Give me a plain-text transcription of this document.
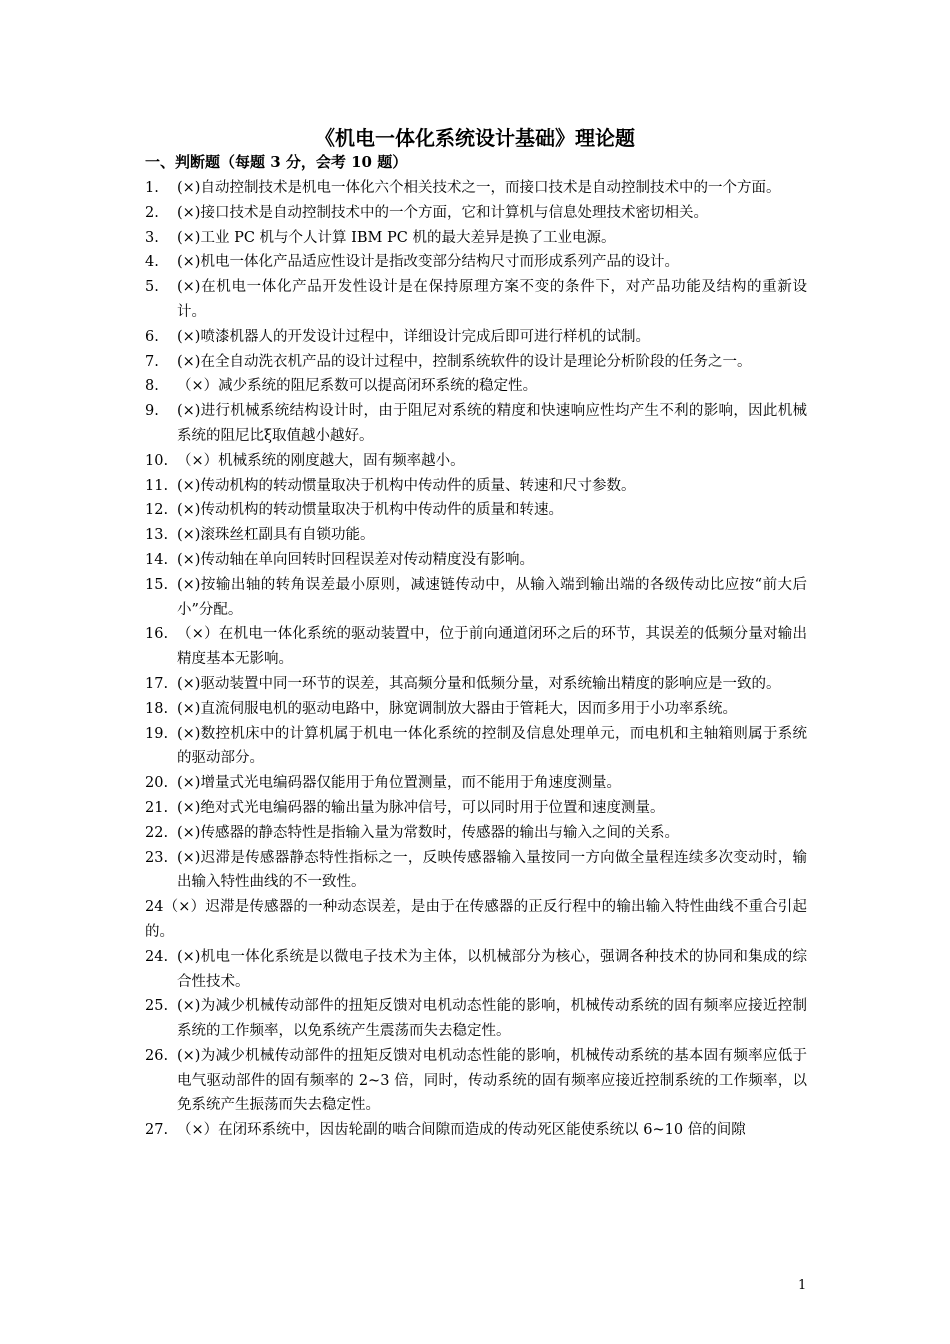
《机电一体化系统设计基础》理论题
一、判断题（每题 3 分，会考 10 题）
1.	(×)自动控制技术是机电一体化六个相关技术之一，而接口技术是自动控制技术中的一个方面。
2.	(×)接口技术是自动控制技术中的一个方面，它和计算机与信息处理技术密切相关。
3.	(×)工业 PC 机与个人计算 IBM PC 机的最大差异是换了工业电源。
4.	(×)机电一体化产品适应性设计是指改变部分结构尺寸而形成系列产品的设计。
5.	(×)在机电一体化产品开发性设计是在保持原理方案不变的条件下，对产品功能及结构的重新设计。
6.	(×)喷漆机器人的开发设计过程中，详细设计完成后即可进行样机的试制。
7.	(×)在全自动洗衣机产品的设计过程中，控制系统软件的设计是理论分析阶段的任务之一。
8.	（×）减少系统的阻尼系数可以提高闭环系统的稳定性。
9.	(×)进行机械系统结构设计时，由于阻尼对系统的精度和快速响应性均产生不利的影响，因此机械系统的阻尼比ξ取值越小越好。
10. （×）机械系统的刚度越大，固有频率越小。
11. (×)传动机构的转动惯量取决于机构中传动件的质量、转速和尺寸参数。
12. (×)传动机构的转动惯量取决于机构中传动件的质量和转速。
13. (×)滚珠丝杠副具有自锁功能。
14. (×)传动轴在单向回转时回程误差对传动精度没有影响。
15. (×)按输出轴的转角误差最小原则，减速链传动中，从输入端到输出端的各级传动比应按“前大后小”分配。
16. （×）在机电一体化系统的驱动装置中，位于前向通道闭环之后的环节，其误差的低频分量对输出精度基本无影响。
17. (×)驱动装置中同一环节的误差，其高频分量和低频分量，对系统输出精度的影响应是一致的。
18. (×)直流伺服电机的驱动电路中，脉宽调制放大器由于管耗大，因而多用于小功率系统。
19. (×)数控机床中的计算机属于机电一体化系统的控制及信息处理单元，而电机和主轴箱则属于系统的驱动部分。
20. (×)增量式光电编码器仅能用于角位置测量，而不能用于角速度测量。
21. (×)绝对式光电编码器的输出量为脉冲信号，可以同时用于位置和速度测量。
22. (×)传感器的静态特性是指输入量为常数时，传感器的输出与输入之间的关系。
23. (×)迟滞是传感器静态特性指标之一，反映传感器输入量按同一方向做全量程连续多次变动时，输出输入特性曲线的不一致性。
24（×）迟滞是传感器的一种动态误差，是由于在传感器的正反行程中的输出输入特性曲线不重合引起的。
24. (×)机电一体化系统是以微电子技术为主体，以机械部分为核心，强调各种技术的协同和集成的综合性技术。
25. (×)为减少机械传动部件的扭矩反馈对电机动态性能的影响，机械传动系统的固有频率应接近控制系统的工作频率，以免系统产生震荡而失去稳定性。
26. (×)为减少机械传动部件的扭矩反馈对电机动态性能的影响，机械传动系统的基本固有频率应低于电气驱动部件的固有频率的 2~3 倍，同时，传动系统的固有频率应接近控制系统的工作频率，以免系统产生振荡而失去稳定性。
27. （×）在闭环系统中，因齿轮副的啮合间隙而造成的传动死区能使系统以 6~10 倍的间隙
1
